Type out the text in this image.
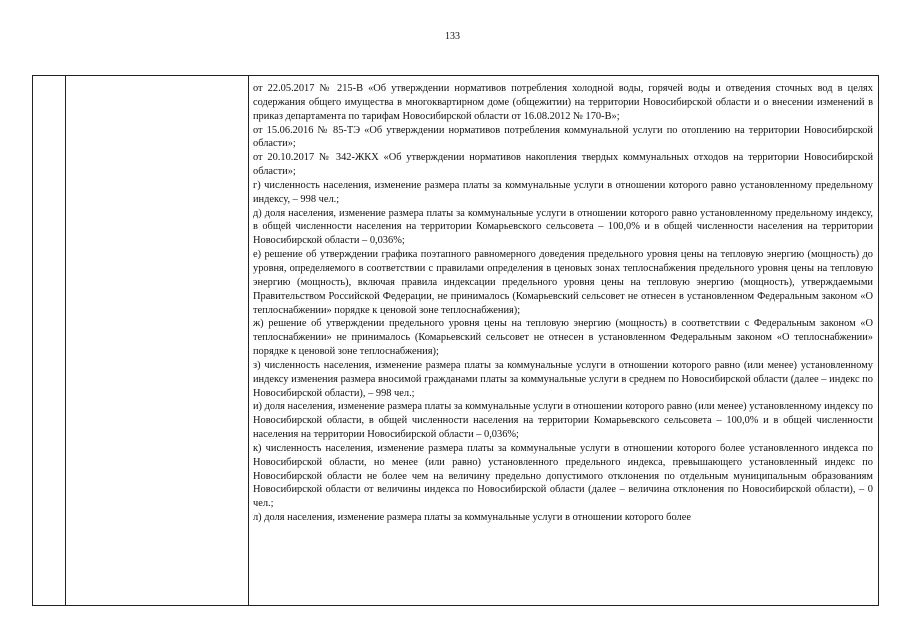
133

от 22.05.2017 № 215-В «Об утверждении нормативов потребления холодной воды, горячей воды и отведения сточных вод в целях содержания общего имущества в многоквартирном доме (общежитии) на территории Новосибирской области и о внесении изменений в приказ департамента по тарифам Новосибирской области от 16.08.2012 № 170-В»;

от 15.06.2016 № 85-ТЭ «Об утверждении нормативов потребления коммунальной услуги по отоплению на территории Новосибирской области»;

от 20.10.2017 № 342-ЖКХ «Об утверждении нормативов накопления твердых коммунальных отходов на территории Новосибирской области»;

г) численность населения, изменение размера платы за коммунальные услуги в отношении которого равно установленному предельному индексу, – 998 чел.;

д) доля населения, изменение размера платы за коммунальные услуги в отношении которого равно установленному предельному индексу, в общей численности населения на территории Комарьевского сельсовета – 100,0% и в общей численности населения на территории Новосибирской области – 0,036%;

е) решение об утверждении графика поэтапного равномерного доведения предельного уровня цены на тепловую энергию (мощность) до уровня, определяемого в соответствии с правилами определения в ценовых зонах теплоснабжения предельного уровня цены на тепловую энергию (мощность), включая правила индексации предельного уровня цены на тепловую энергию (мощность), утверждаемыми Правительством Российской Федерации, не принималось (Комарьевский сельсовет не отнесен в установленном Федеральным законом «О теплоснабжении» порядке к ценовой зоне теплоснабжения);

ж) решение об утверждении предельного уровня цены на тепловую энергию (мощность) в соответствии с Федеральным законом «О теплоснабжении» не принималось (Комарьевский сельсовет не отнесен в установленном Федеральным законом «О теплоснабжении» порядке к ценовой зоне теплоснабжения);

з) численность населения, изменение размера платы за коммунальные услуги в отношении которого равно (или менее) установленному индексу изменения размера вносимой гражданами платы за коммунальные услуги в среднем по Новосибирской области (далее – индекс по Новосибирской области), – 998 чел.;

и) доля населения, изменение размера платы за коммунальные услуги в отношении которого равно (или менее) установленному индексу по Новосибирской области, в общей численности населения на территории Комарьевского сельсовета – 100,0% и в общей численности населения на территории Новосибирской области – 0,036%;

к) численность населения, изменение размера платы за коммунальные услуги в отношении которого более установленного индекса по Новосибирской области, но менее (или равно) установленного предельного индекса, превышающего установленный индекс по Новосибирской области не более чем на величину предельно допустимого отклонения по отдельным муниципальным образованиям Новосибирской области от величины индекса по Новосибирской области (далее – величина отклонения по Новосибирской области), – 0 чел.;

л) доля населения, изменение размера платы за коммунальные услуги в отношении которого более
